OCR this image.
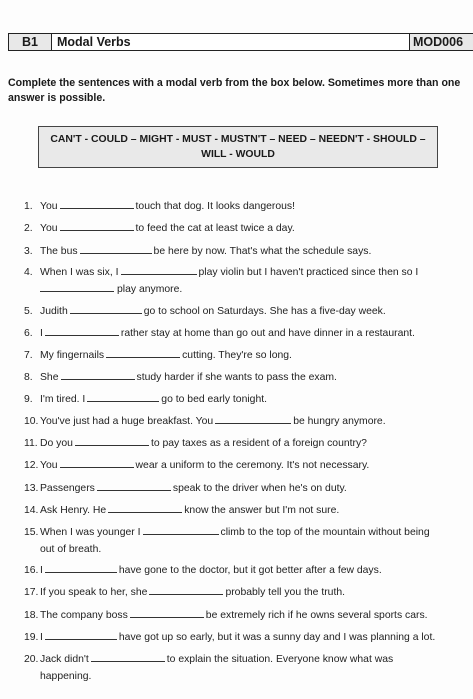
B1	Modal Verbs	MOD006
Complete the sentences with a modal verb from the box below. Sometimes more than one answer is possible.
CAN'T - COULD – MIGHT - MUST - MUSTN'T – NEED – NEEDN'T - SHOULD –
WILL - WOULD
1. You	touch that dog. It looks dangerous!
2. You	to feed the cat at least twice a day.
3. The bus	be here by now. That's what the schedule says.
4. When I was six, I	play violin but I haven't practiced since then so I
play anymore.
5. Judith	go to school on Saturdays. She has a five-day week.
6. I	rather stay at home than go out and have dinner in a restaurant.
7. My fingernails	cutting. They're so long.
8. She	study harder if she wants to pass the exam.
9. I'm tired. I	go to bed early tonight.
10. You've just had a huge breakfast. You	be hungry anymore.
11. Do you	to pay taxes as a resident of a foreign country?
12. You	wear a uniform to the ceremony. It's not necessary.
13. Passengers	speak to the driver when he's on duty.
14. Ask Henry. He	know the answer but I'm not sure.
15. When I was younger I	climb to the top of the mountain without being
out of breath.
16. I	have gone to the doctor, but it got better after a few days.
17. If you speak to her, she	probably tell you the truth.
18. The company boss	be extremely rich if he owns several sports cars.
19. I	have got up so early, but it was a sunny day and I was planning a lot.
20. Jack didn't	to explain the situation. Everyone know what was
happening.
